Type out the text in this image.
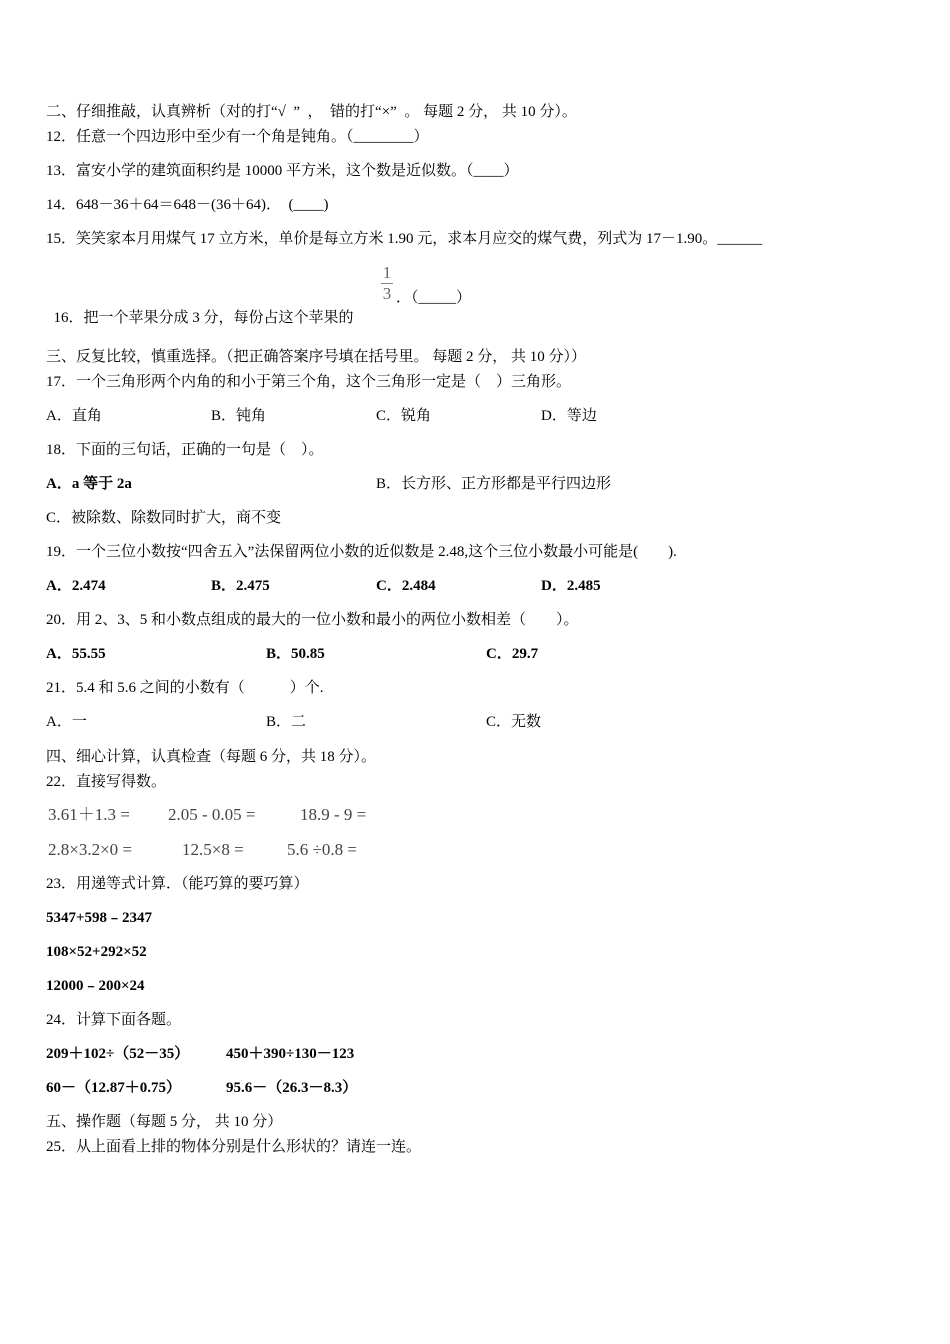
二、仔细推敲，认真辨析（对的打“√  ”  ，  错的打“×”  。 每题 2 分， 共 10 分）。
12．任意一个四边形中至少有一个角是钝角。（________）
13．富安小学的建筑面积约是 10000 平方米，这个数是近似数。（____）
14．648－36＋64＝648－(36＋64)．  (____)
15．笑笑家本月用煤气 17 立方米，单价是每立方米 1.90 元，求本月应交的煤气费，列式为 17－1.90。______

16．把一个苹果分成 3 分，每份占这个苹果的

1
3 ．（_____）
三、反复比较，慎重选择。（把正确答案序号填在括号里。 每题 2 分， 共 10 分））
17．一个三角形两个内角的和小于第三个角，这个三角形一定是（    ）三角形。
A．直角	B．钝角	C．锐角	D．等边
18．下面的三句话，正确的一句是（    ）。
A．a 等于 2a	B．长方形、正方形都是平行四边形
C．被除数、除数同时扩大，商不变
19．一个三位小数按“四舍五入”法保留两位小数的近似数是 2.48,这个三位小数最小可能是(        ).
A．2.474	B．2.475	C．2.484	D．2.485
20．用 2、3、5 和小数点组成的最大的一位小数和最小的两位小数相差（        ）。
A．55.55	B．50.85	C．29.7
21．5.4 和 5.6 之间的小数有（            ）个.
A．一	B．二	C．无数
四、细心计算，认真检查（每题 6 分，共 18 分）。
22．直接写得数。
3.61＋1.3 = 2.05 - 0.05 =	18.9 - 9 =
2.8×3.2×0 =	12.5×8 =	5.6 ÷0.8 =
23．用递等式计算．（能巧算的要巧算）
5347+598﹣2347
108×52+292×52
12000﹣200×24
24．计算下面各题。
209＋102÷（52－35） 450＋390÷130－123
60－（12.87＋0.75）	95.6－（26.3－8.3）
五、操作题（每题 5 分， 共 10 分）
25．从上面看上排的物体分别是什么形状的？请连一连。
